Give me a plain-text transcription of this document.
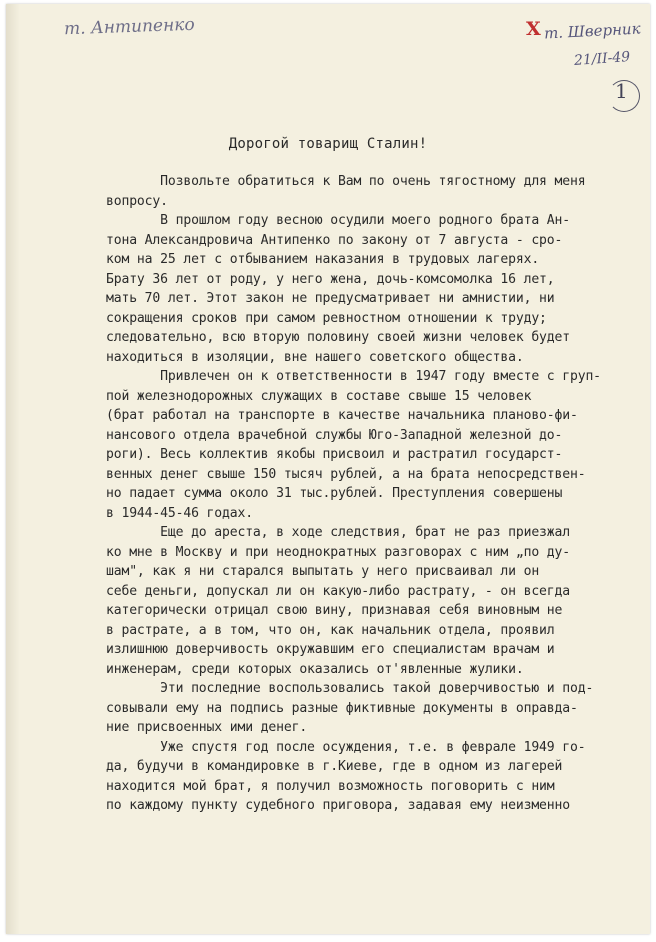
т. Антипенко	Х т. Шверник
21/II-49
1
Дорогой товарищ Сталин!
Позвольте обратиться к Вам по очень тягостному для меня
вопросу.
В прошлом году весною осудили моего родного брата Ан-
тона Александровича Антипенко по закону от 7 августа - сро-
ком на 25 лет с отбыванием наказания в трудовых лагерях.
Брату 36 лет от роду, у него жена, дочь-комсомолка 16 лет,
мать 70 лет. Этот закон не предусматривает ни амнистии, ни
сокращения сроков при самом ревностном отношении к труду;
следовательно, всю вторую половину своей жизни человек будет
находиться в изоляции, вне нашего советского общества.
Привлечен он к ответственности в 1947 году вместе с груп-
пой железнодорожных служащих в составе свыше 15 человек
(брат работал на транспорте в качестве начальника планово-фи-
нансового отдела врачебной службы Юго-Западной железной до-
роги). Весь коллектив якобы присвоил и растратил государст-
венных денег свыше 150 тысяч рублей, а на брата непосредствен-
но падает сумма около 31 тыс.рублей. Преступления совершены
в 1944-45-46 годах.
Еще до ареста, в ходе следствия, брат не раз приезжал
ко мне в Москву и при неоднократных разговорах с ним „по ду-
шам", как я ни старался выпытать у него присваивал ли он
себе деньги, допускал ли он какую-либо растрату, - он всегда
категорически отрицал свою вину, признавая себя виновным не
в растрате, а в том, что он, как начальник отдела, проявил
излишнюю доверчивость окружавшим его специалистам врачам и
инженерам, среди которых оказались от'явленные жулики.
Эти последние воспользовались такой доверчивостью и под-
совывали ему на подпись разные фиктивные документы в оправда-
ние присвоенных ими денег.
Уже спустя год после осуждения, т.е. в феврале 1949 го-
да, будучи в командировке в г.Киеве, где в одном из лагерей
находится мой брат, я получил возможность поговорить с ним
по каждому пункту судебного приговора, задавая ему неизменно
